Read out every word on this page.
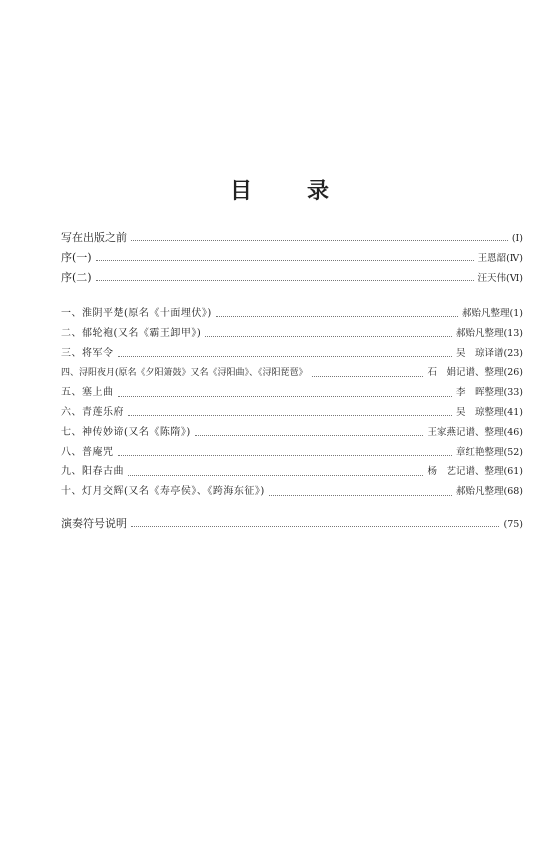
目 录
写在出版之前	(Ⅰ)
序(一)	王恩韶(Ⅳ)
序(二)	汪天伟(Ⅵ)
一、淮阴平楚(原名《十面埋伏》)	郝贻凡整理(1)
二、郁轮袍(又名《霸王卸甲》)	郝贻凡整理(13)
三、将军令	吴　琼译谱(23)
四、浔阳夜月(原名《夕阳箫鼓》又名《浔阳曲》、《浔阳琵琶》	石　娟记谱、整理(26)
五、塞上曲	李　晖整理(33)
六、青莲乐府	吴　琼整理(41)
七、神传妙谛(又名《陈隋》)	王家燕记谱、整理(46)
八、普庵咒	章红艳整理(52)
九、阳春古曲	杨　艺记谱、整理(61)
十、灯月交辉(又名《寿亭侯》、《跨海东征》)	郝贻凡整理(68)
演奏符号说明	(75)
